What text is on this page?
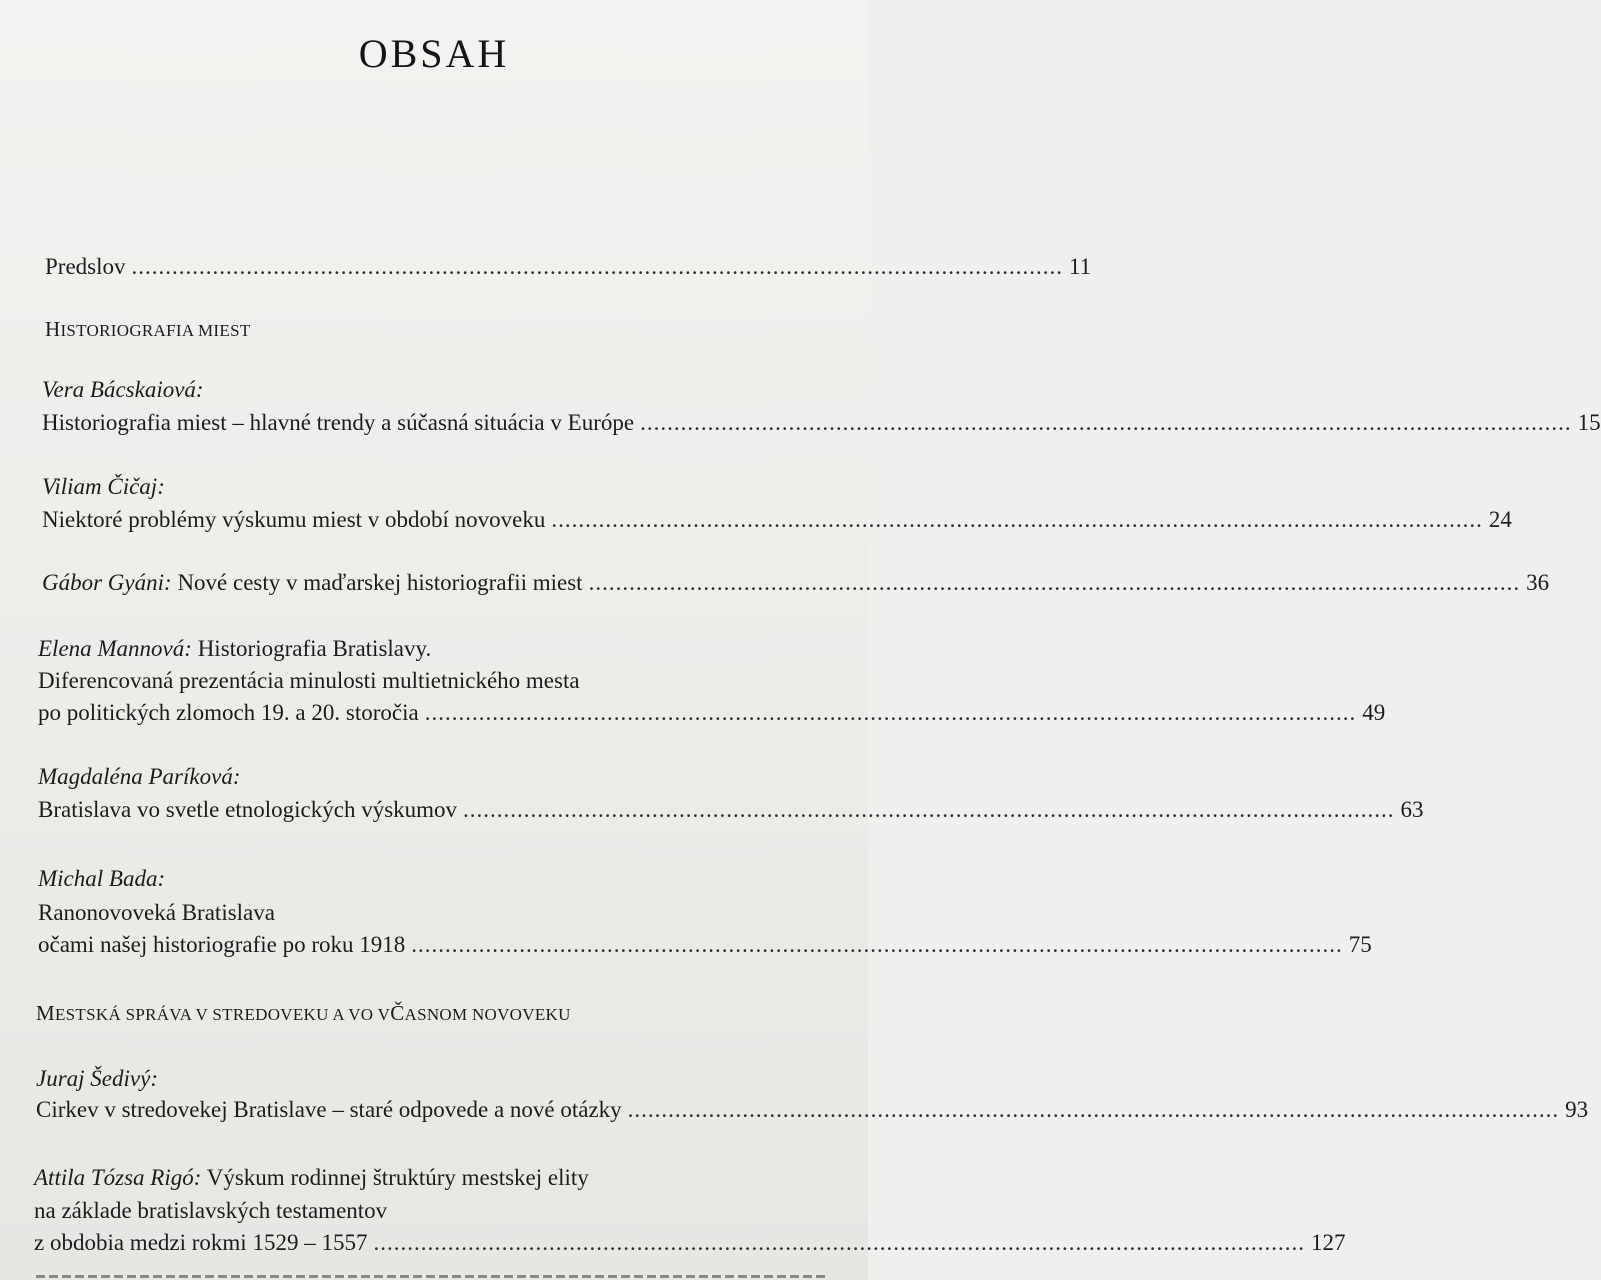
OBSAH
Predslov .......................................................................................................................................... 11
HISTORIOGRAFIA MIEST
Vera Bácskaiová:
Historiografia miest – hlavné trendy a súčasná situácia v Európe .......................................................................................................................................... 15
Viliam Čičaj:
Niektoré problémy výskumu miest v období novoveku .......................................................................................................................................... 24
Gábor Gyáni: Nové cesty v maďarskej historiografii miest .......................................................................................................................................... 36
Elena Mannová: Historiografia Bratislavy.
Diferencovaná prezentácia minulosti multietnického mesta
po politických zlomoch 19. a 20. storočia .......................................................................................................................................... 49
Magdaléna Paríková:
Bratislava vo svetle etnologických výskumov .......................................................................................................................................... 63
Michal Bada:
Ranonovoveká Bratislava
očami našej historiografie po roku 1918 .......................................................................................................................................... 75
MESTSKÁ SPRÁVA V STREDOVEKU A VO VČASNOM NOVOVEKU
Juraj Šedivý:
Cirkev v stredovekej Bratislave – staré odpovede a nové otázky .......................................................................................................................................... 93
Attila Tózsa Rigó: Výskum rodinnej štruktúry mestskej elity
na základe bratislavských testamentov
z obdobia medzi rokmi 1529 – 1557 .......................................................................................................................................... 127
